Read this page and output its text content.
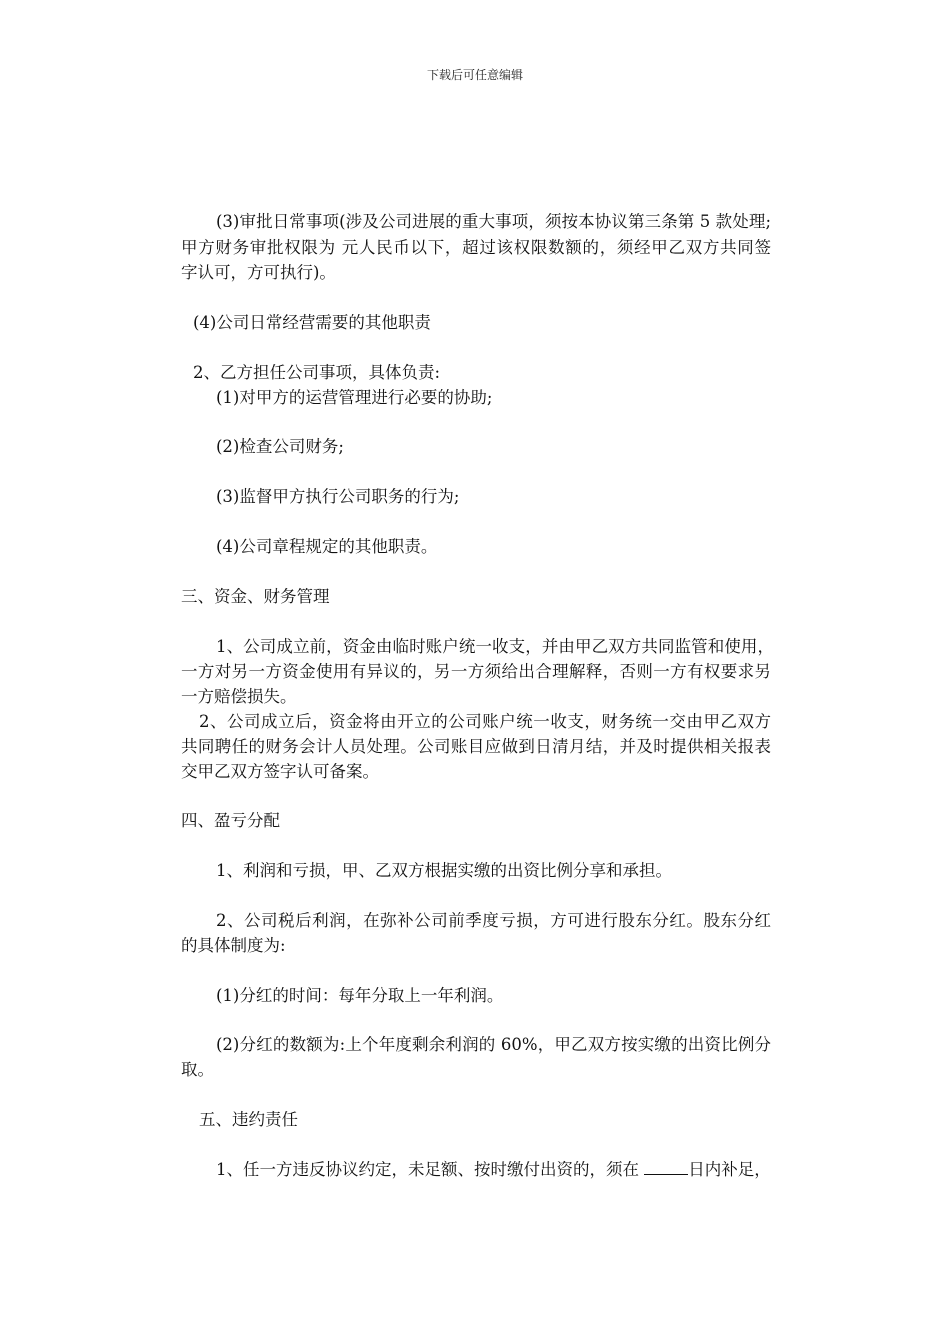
下载后可任意编辑
(3)审批日常事项(涉及公司进展的重大事项，须按本协议第三条第 5 款处理;
甲方财务审批权限为 元人民币以下，超过该权限数额的，须经甲乙双方共同签
字认可，方可执行)。
(4)公司日常经营需要的其他职责
2、乙方担任公司事项，具体负责:
(1)对甲方的运营管理进行必要的协助;
(2)检查公司财务;
(3)监督甲方执行公司职务的行为;
(4)公司章程规定的其他职责。
三、资金、财务管理
1、公司成立前，资金由临时账户统一收支，并由甲乙双方共同监管和使用，
一方对另一方资金使用有异议的，另一方须给出合理解释，否则一方有权要求另
一方赔偿损失。
2、公司成立后，资金将由开立的公司账户统一收支，财务统一交由甲乙双方
共同聘任的财务会计人员处理。公司账目应做到日清月结，并及时提供相关报表
交甲乙双方签字认可备案。
四、盈亏分配
1、利润和亏损，甲、乙双方根据实缴的出资比例分享和承担。
2、公司税后利润，在弥补公司前季度亏损，方可进行股东分红。股东分红
的具体制度为:
(1)分红的时间：每年分取上一年利润。
(2)分红的数额为:上个年度剩余利润的 60%，甲乙双方按实缴的出资比例分
取。
五、违约责任
1、任一方违反协议约定，未足额、按时缴付出资的，须在	日内补足，
